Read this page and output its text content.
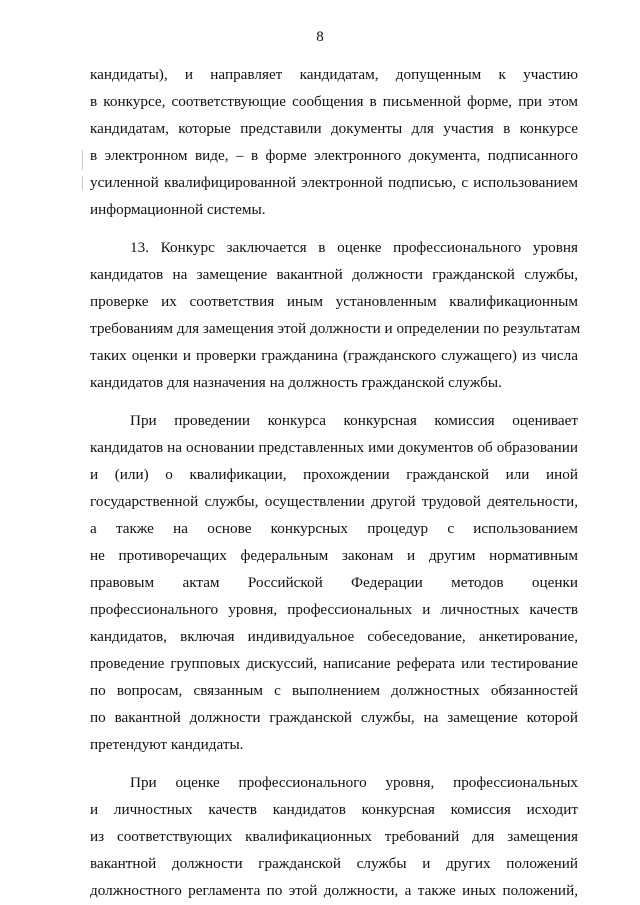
8
кандидаты), и направляет кандидатам, допущенным к участию
в конкурсе, соответствующие сообщения в письменной форме, при этом
кандидатам, которые представили документы для участия в конкурсе
в электронном виде, – в форме электронного документа, подписанного
усиленной квалифицированной электронной подписью, с использованием
информационной системы.
13. Конкурс заключается в оценке профессионального уровня
кандидатов на замещение вакантной должности гражданской службы,
проверке их соответствия иным установленным квалификационным
требованиям для замещения этой должности и определении по результатам
таких оценки и проверки гражданина (гражданского служащего) из числа
кандидатов для назначения на должность гражданской службы.
При проведении конкурса конкурсная комиссия оценивает
кандидатов на основании представленных ими документов об образовании
и (или) о квалификации, прохождении гражданской или иной
государственной службы, осуществлении другой трудовой деятельности,
а также на основе конкурсных процедур с использованием
не противоречащих федеральным законам и другим нормативным
правовым актам Российской Федерации методов оценки
профессионального уровня, профессиональных и личностных качеств
кандидатов, включая индивидуальное собеседование, анкетирование,
проведение групповых дискуссий, написание реферата или тестирование
по вопросам, связанным с выполнением должностных обязанностей
по вакантной должности гражданской службы, на замещение которой
претендуют кандидаты.
При оценке профессионального уровня, профессиональных
и личностных качеств кандидатов конкурсная комиссия исходит
из соответствующих квалификационных требований для замещения
вакантной должности гражданской службы и других положений
должностного регламента по этой должности, а также иных положений,
